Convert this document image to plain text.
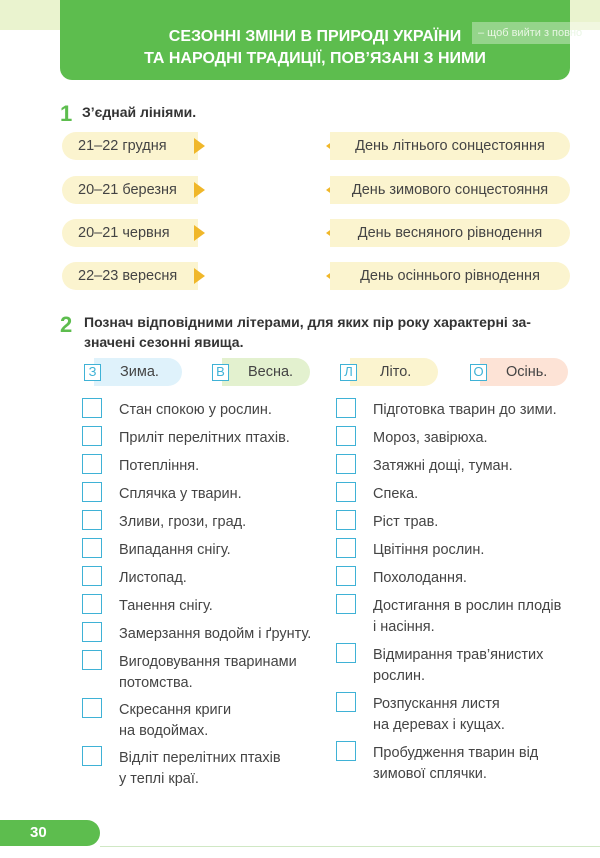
СЕЗОННІ ЗМІНИ В ПРИРОДІ УКРАЇНИ
ТА НАРОДНІ ТРАДИЦІЇ, ПОВ’ЯЗАНІ З НИМИ
– щоб вийти з повно
1 З’єднай лініями.
21–22 грудня	День літнього сонцестояння
20–21 березня	День зимового сонцестояння
20–21 червня	День весняного рівнодення
22–23 вересня	День осіннього рівнодення
2 Познач відповідними літерами, для яких пір року характерні за-
значені сезонні явища.
Зима.
З	Весна.
В	Літо.
Л	Осінь.
О
Стан спокою у рослин.
Приліт перелітних птахів.
Потепління.
Сплячка у тварин.
Зливи, грози, град.
Випадання снігу.
Листопад.
Танення снігу.
Замерзання водойм і ґрунту.
Вигодовування тваринами
потомства.
Скресання криги
на водоймах.
Відліт перелітних птахів
у теплі краї.
Підготовка тварин до зими.
Мороз, завірюха.
Затяжні дощі, туман.
Спека.
Ріст трав.
Цвітіння рослин.
Похолодання.
Достигання в рослин плодів
і насіння.
Відмирання трав’янистих
рослин.
Розпускання листя
на деревах і кущах.
Пробудження тварин від
зимової сплячки.
30
